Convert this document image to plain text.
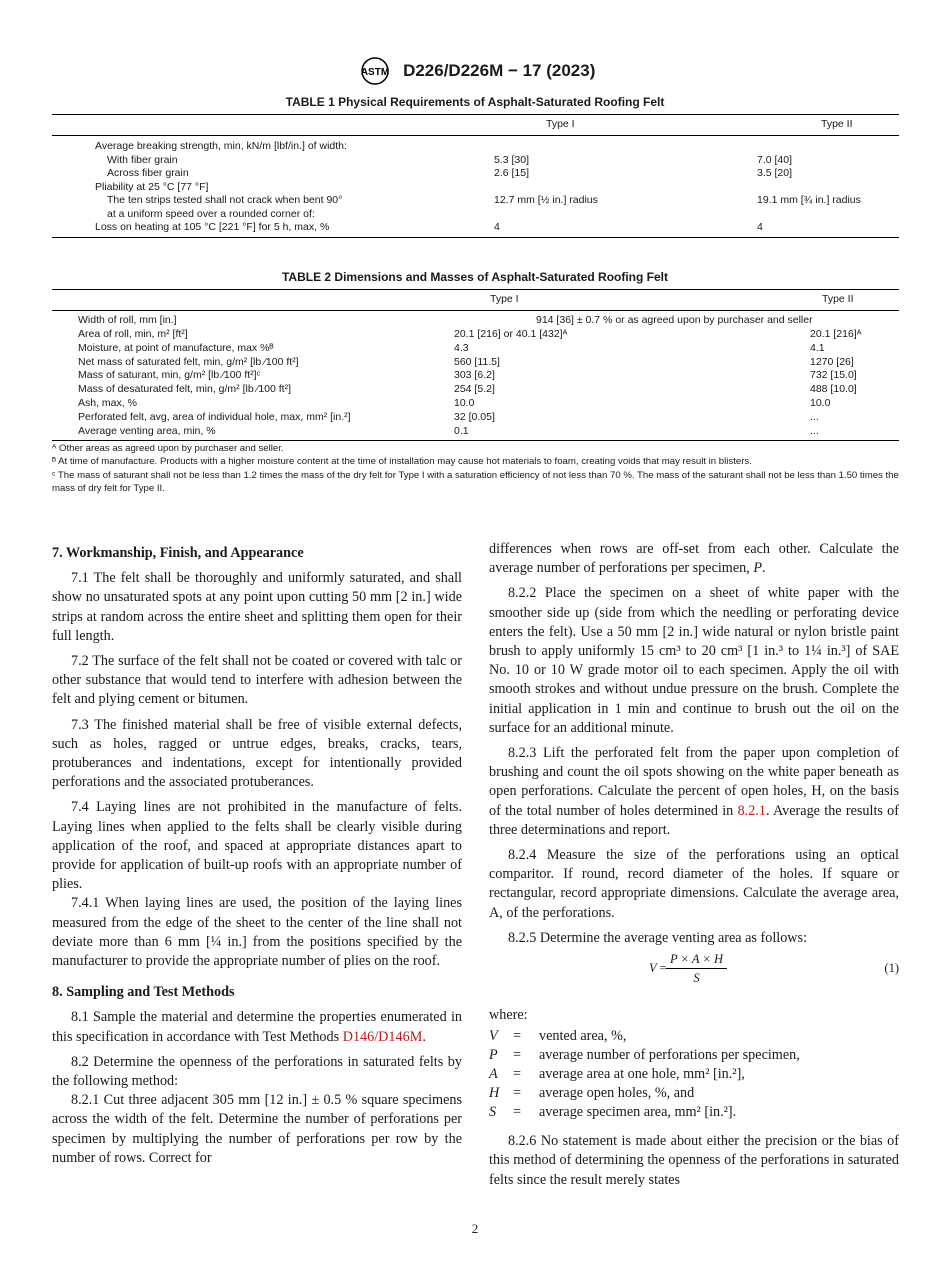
ASTM D226/D226M − 17 (2023)
TABLE 1 Physical Requirements of Asphalt-Saturated Roofing Felt
	Type I	Type II

Average breaking strength, min, kN/m [lbf/in.] of width:		
With fiber grain	5.3 [30]	7.0 [40]
Across fiber grain	2.6 [15]	3.5 [20]
Pliability at 25 °C [77 °F]		
The ten strips tested shall not crack when bent 90°	12.7 mm [½ in.] radius	19.1 mm [¾ in.] radius
at a uniform speed over a rounded corner of:		
Loss on heating at 105 °C [221 °F] for 5 h, max, %	4	4
TABLE 2 Dimensions and Masses of Asphalt-Saturated Roofing Felt
	Type I	Type II

Width of roll, mm [in.]	914 [36] ± 0.7 % or as agreed upon by purchaser and seller	
Area of roll, min, m² [ft²]	20.1 [216] or 40.1 [432]ᴬ	20.1 [216]ᴬ
Moisture, at point of manufacture, max %ᴮ	4.3	4.1
Net mass of saturated felt, min, g/m² [lb ⁄100 ft²]	560 [11.5]	1270 [26]
Mass of saturant, min, g/m² [lb ⁄100 ft²]ᶜ	303 [6.2]	732 [15.0]
Mass of desaturated felt, min, g/m² [lb ⁄100 ft²]	254 [5.2]	488 [10.0]
Ash, max, %	10.0	10.0
Perforated felt, avg, area of individual hole, max, mm² [in.²]	32 [0.05]	...
Average venting area, min, %	0.1	...

ᴬ Other areas as agreed upon by purchaser and seller.

ᴮ At time of manufacture. Products with a higher moisture content at the time of installation may cause hot materials to foam, creating voids that may result in blisters.

ᶜ The mass of saturant shall not be less than 1.2 times the mass of the dry felt for Type I with a saturation efficiency of not less than 70 %. The mass of the saturant shall not be less than 1.50 times the mass of dry felt for Type II.

7. Workmanship, Finish, and Appearance

7.1 The felt shall be thoroughly and uniformly saturated, and shall show no unsaturated spots at any point upon cutting 50 mm [2 in.] wide strips at random across the entire sheet and splitting them open for their full length.

7.2 The surface of the felt shall not be coated or covered with talc or other substance that would tend to interfere with adhesion between the felt and plying cement or bitumen.

7.3 The finished material shall be free of visible external defects, such as holes, ragged or untrue edges, breaks, cracks, tears, protuberances and indentations, except for intentionally provided perforations and the associated protuberances.

7.4 Laying lines are not prohibited in the manufacture of felts. Laying lines when applied to the felts shall be clearly visible during application of the roof, and spaced at appropriate distances apart to provide for application of built-up roofs with an appropriate number of plies.

7.4.1 When laying lines are used, the position of the laying lines measured from the edge of the sheet to the center of the line shall not deviate more than 6 mm [¼ in.] from the positions specified by the manufacturer to provide the appropriate number of plies on the roof.

8. Sampling and Test Methods

8.1 Sample the material and determine the properties enumerated in this specification in accordance with Test Methods D146/D146M.

8.2 Determine the openness of the perforations in saturated felts by the following method:

8.2.1 Cut three adjacent 305 mm [12 in.] ± 0.5 % square specimens across the width of the felt. Determine the number of perforations per specimen by multiplying the number of perforations per row by the number of rows. Correct for

differences when rows are off-set from each other. Calculate the average number of perforations per specimen, P.

8.2.2 Place the specimen on a sheet of white paper with the smoother side up (side from which the needling or perforating device enters the felt). Use a 50 mm [2 in.] wide natural or nylon bristle paint brush to apply uniformly 15 cm³ to 20 cm³ [1 in.³ to 1¼ in.³] of SAE No. 10 or 10 W grade motor oil to each specimen. Apply the oil with smooth strokes and without undue pressure on the brush. Complete the initial application in 1 min and continue to brush out the oil on the surface for an additional minute.

8.2.3 Lift the perforated felt from the paper upon completion of brushing and count the oil spots showing on the white paper beneath as open perforations. Calculate the percent of open holes, H, on the basis of the total number of holes determined in 8.2.1. Average the results of three determinations and report.

8.2.4 Measure the size of the perforations using an optical comparitor. If round, record diameter of the holes. If square or rectangular, record appropriate dimensions. Calculate the average area, A, of the perforations.

8.2.5 Determine the average venting area as follows:

$V = \frac{P \times A \times H}{S}$	(1)
where:
V	=	vented area, %,
P	=	average number of perforations per specimen,
A	=	average area at one hole, mm² [in.²],
H	=	average open holes, %, and
S	=	average specimen area, mm² [in.²].

8.2.6 No statement is made about either the precision or the bias of this method of determining the openness of the perforations in saturated felts since the result merely states

2
